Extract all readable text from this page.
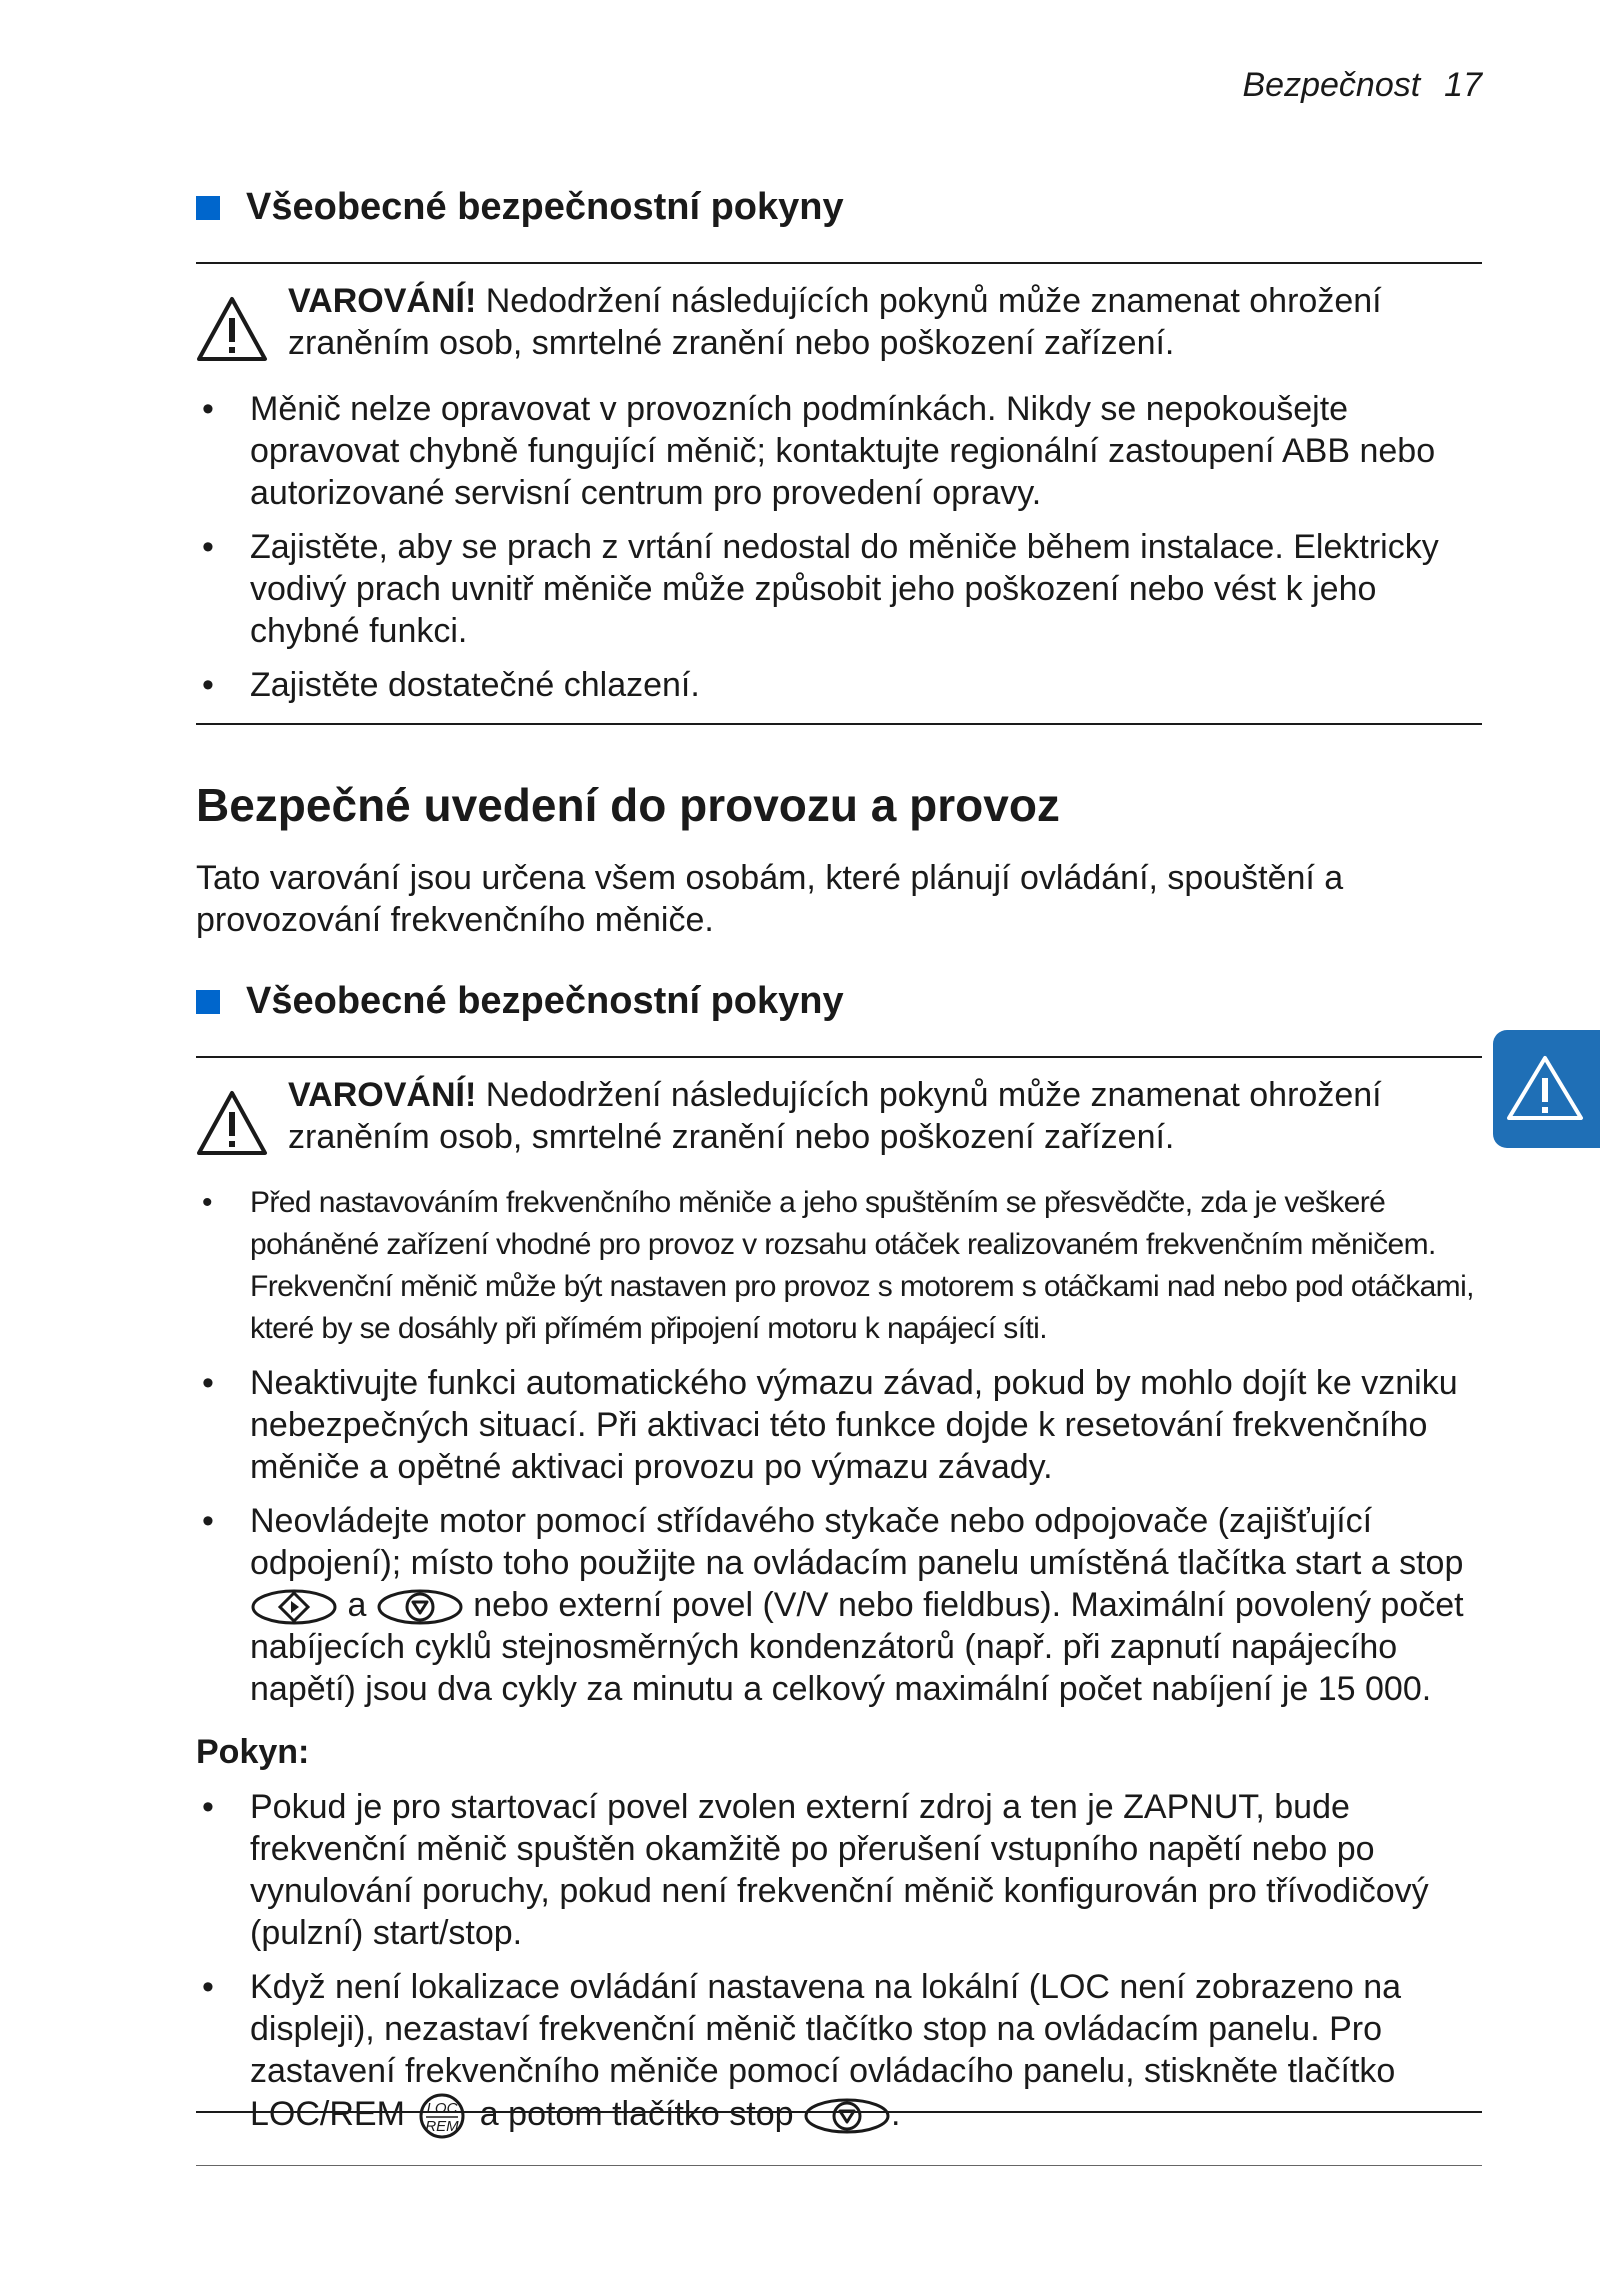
Bezpečnost 17
Všeobecné bezpečnostní pokyny
VAROVÁNÍ! Nedodržení následujících pokynů může znamenat ohrožení zraněním osob, smrtelné zranění nebo poškození zařízení.
• Měnič nelze opravovat v provozních podmínkách. Nikdy se nepokoušejte opravovat chybně fungující měnič; kontaktujte regionální zastoupení ABB nebo autorizované servisní centrum pro provedení opravy.
• Zajistěte, aby se prach z vrtání nedostal do měniče během instalace. Elektricky vodivý prach uvnitř měniče může způsobit jeho poškození nebo vést k jeho chybné funkci.
• Zajistěte dostatečné chlazení.
Bezpečné uvedení do provozu a provoz
Tato varování jsou určena všem osobám, které plánují ovládání, spouštění a provozování frekvenčního měniče.
Všeobecné bezpečnostní pokyny
VAROVÁNÍ! Nedodržení následujících pokynů může znamenat ohrožení zraněním osob, smrtelné zranění nebo poškození zařízení.
• Před nastavováním frekvenčního měniče a jeho spuštěním se přesvědčte, zda je veškeré poháněné zařízení vhodné pro provoz v rozsahu otáček realizovaném frekvenčním měničem. Frekvenční měnič může být nastaven pro provoz s motorem s otáčkami nad nebo pod otáčkami, které by se dosáhly při přímém připojení motoru k napájecí síti.
• Neaktivujte funkci automatického výmazu závad, pokud by mohlo dojít ke vzniku nebezpečných situací. Při aktivaci této funkce dojde k resetování frekvenčního měniče a opětné aktivaci provozu po výmazu závady.
• Neovládejte motor pomocí střídavého stykače nebo odpojovače (zajišťující odpojení); místo toho použijte na ovládacím panelu umístěná tlačítka start a stop  a	nebo externí povel (V/V nebo fieldbus). Maximální povolený počet nabíjecích cyklů stejnosměrných kondenzátorů (např. při zapnutí napájecího napětí) jsou dva cykly za minutu a celkový maximální počet nabíjení je 15 000.
Pokyn:
• Pokud je pro startovací povel zvolen externí zdroj a ten je ZAPNUT, bude frekvenční měnič spuštěn okamžitě po přerušení vstupního napětí nebo po vynulování poruchy, pokud není frekvenční měnič konfigurován pro třívodičový (pulzní) start/stop.
• Když není lokalizace ovládání nastavena na lokální (LOC není zobrazeno na displeji), nezastaví frekvenční měnič tlačítko stop na ovládacím panelu. Pro zastavení frekvenčního měniče pomocí ovládacího panelu, stiskněte tlačítko LOC/REM LOC
REM a potom tlačítko stop	.
